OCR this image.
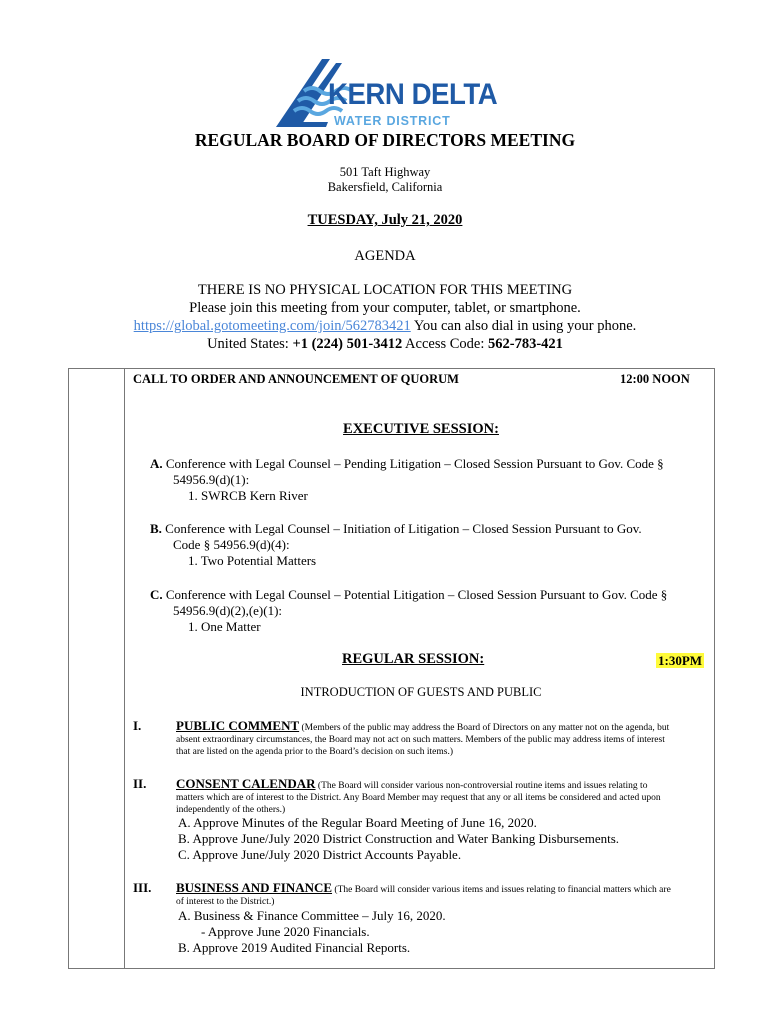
KERN DELTA
WATER DISTRICT
REGULAR BOARD OF DIRECTORS MEETING
501 Taft Highway
Bakersfield, California
TUESDAY, July 21, 2020
AGENDA
THERE IS NO PHYSICAL LOCATION FOR THIS MEETING
Please join this meeting from your computer, tablet, or smartphone.
https://global.gotomeeting.com/join/562783421 You can also dial in using your phone.
United States: +1 (224) 501-3412 Access Code: 562-783-421
CALL TO ORDER AND ANNOUNCEMENT OF QUORUM	12:00 NOON
EXECUTIVE SESSION:
A. Conference with Legal Counsel – Pending Litigation – Closed Session Pursuant to Gov. Code §
54956.9(d)(1):
1. SWRCB Kern River
B. Conference with Legal Counsel – Initiation of Litigation – Closed Session Pursuant to Gov.
Code § 54956.9(d)(4):
1. Two Potential Matters
C. Conference with Legal Counsel – Potential Litigation – Closed Session Pursuant to Gov. Code §
54956.9(d)(2),(e)(1):
1. One Matter
REGULAR SESSION:	1:30PM
INTRODUCTION OF GUESTS AND PUBLIC
I.	PUBLIC COMMENT (Members of the public may address the Board of Directors on any matter not on the agenda, but
absent extraordinary circumstances, the Board may not act on such matters. Members of the public may address items of interest
that are listed on the agenda prior to the Board’s decision on such items.)
II. CONSENT CALENDAR (The Board will consider various non-controversial routine items and issues relating to
matters which are of interest to the District. Any Board Member may request that any or all items be considered and acted upon
independently of the others.)
A. Approve Minutes of the Regular Board Meeting of June 16, 2020.
B. Approve June/July 2020 District Construction and Water Banking Disbursements.
C. Approve June/July 2020 District Accounts Payable.
III. BUSINESS AND FINANCE (The Board will consider various items and issues relating to financial matters which are
of interest to the District.)
A. Business & Finance Committee – July 16, 2020.
- Approve June 2020 Financials.
B. Approve 2019 Audited Financial Reports.
